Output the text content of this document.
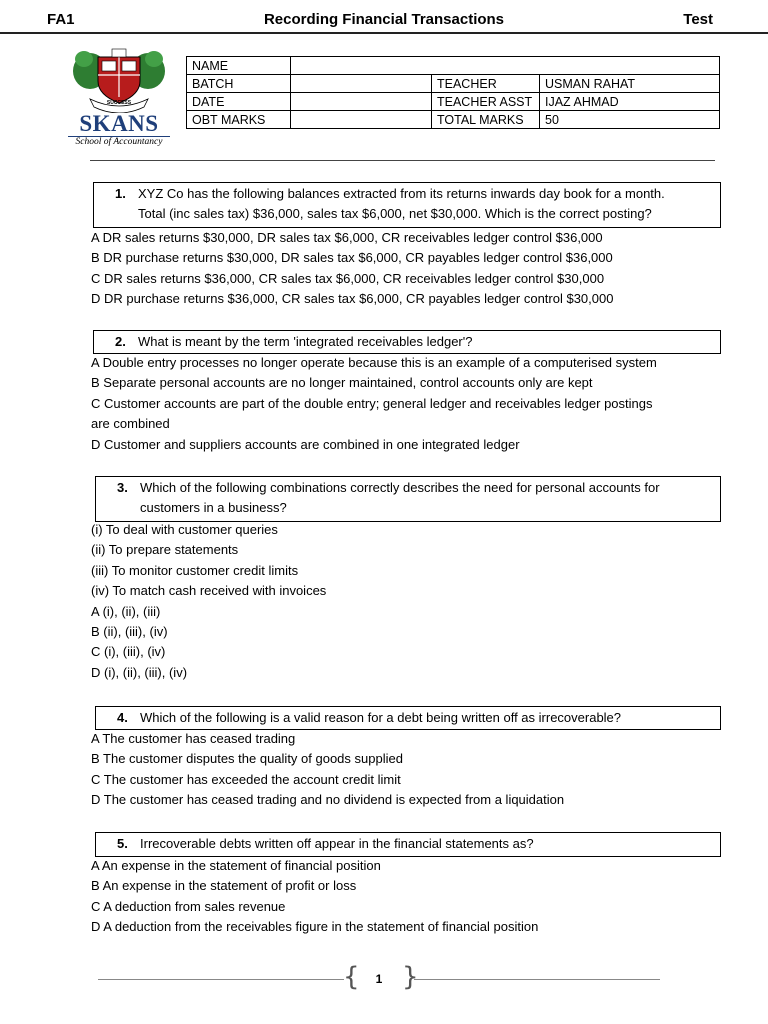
Recording Financial Transactions
FA1	Test
SUCCESS
SKANS
School of Accountancy
NAME			
BATCH		TEACHER	USMAN RAHAT
DATE		TEACHER ASST	IJAZ AHMAD
OBT MARKS		TOTAL MARKS	50
1. XYZ Co has the following balances extracted from its returns inwards day book for a month.
Total (inc sales tax) $36,000, sales tax $6,000, net $30,000. Which is the correct posting?
A DR sales returns $30,000, DR sales tax $6,000, CR receivables ledger control $36,000
B DR purchase returns $30,000, DR sales tax $6,000, CR payables ledger control $36,000
C DR sales returns $36,000, CR sales tax $6,000, CR receivables ledger control $30,000
D DR purchase returns $36,000, CR sales tax $6,000, CR payables ledger control $30,000
2. What is meant by the term 'integrated receivables ledger'?
A Double entry processes no longer operate because this is an example of a computerised system
B Separate personal accounts are no longer maintained, control accounts only are kept
C Customer accounts are part of the double entry; general ledger and receivables ledger postings
are combined
D Customer and suppliers accounts are combined in one integrated ledger
3. Which of the following combinations correctly describes the need for personal accounts for
customers in a business?
(i) To deal with customer queries
(ii) To prepare statements
(iii) To monitor customer credit limits
(iv) To match cash received with invoices
A (i), (ii), (iii)
B (ii), (iii), (iv)
C (i), (iii), (iv)
D (i), (ii), (iii), (iv)
4. Which of the following is a valid reason for a debt being written off as irrecoverable?
A The customer has ceased trading
B The customer disputes the quality of goods supplied
C The customer has exceeded the account credit limit
D The customer has ceased trading and no dividend is expected from a liquidation
5. Irrecoverable debts written off appear in the financial statements as?
A An expense in the statement of financial position
B An expense in the statement of profit or loss
C A deduction from sales revenue
D A deduction from the receivables figure in the statement of financial position
{	1 }
